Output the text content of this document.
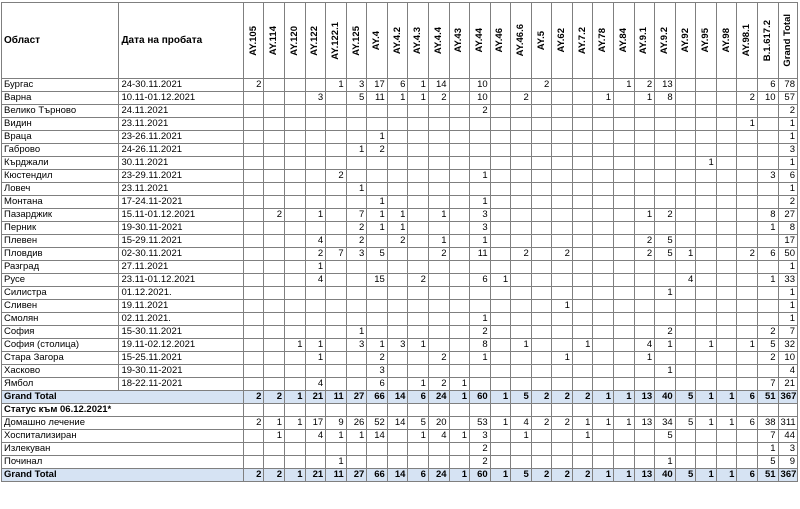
Област	Дата на пробата	AY.105	AY.114	AY.120	AY.122	AY.122.1	AY.125	AY.4	AY.4.2	AY.4.3	AY.4.4	AY.43	AY.44	AY.46	AY.46.6	AY.5	AY.62	AY.7.2	AY.78	AY.84	AY.9.1	AY.9.2	AY.92	AY.95	AY.98	AY.98.1	B.1.617.2	Grand Total

Бургас	24-30.11.2021	2				1	3	17	6	1	14		10			2				1	2	13					6	78
Варна	10.11-01.12.2021				3		5	11	1	1	2		10		2				1		1	8				2	10	57
Велико Търново	24.11.2021												2															2
Видин	23.11.2021																									1		1
Враца	23-26.11.2021							1																				1
Габрово	24-26.11.2021						1	2																				3
Кърджали	30.11.2021																							1				1
Кюстендил	23-29.11.2021					2							1														3	6
Ловеч	23.11.2021						1																					1
Монтана	17-24.11-2021							1					1															2
Пазарджик	15.11-01.12.2021		2		1		7	1	1		1		3								1	2					8	27
Перник	19-30.11-2021						2	1	1				3														1	8
Плевен	15-29.11.2021				4		2		2		1		1								2	5						17
Пловдив	02-30.11.2021				2	7	3	5			2		11		2		2				2	5	1			2	6	50
Разград	27.11.2021				1																							1
Русе	23.11-01.12.2021				4			15		2			6	1									4				1	33
Силистра	01.12.2021.																					1						1
Сливен	19.11.2021																1											1
Смолян	02.11.2021.												1															1
София	15-30.11.2021						1						2									2					2	7
София (столица)	19.11-02.12.2021			1	1		3	1	3	1			8		1			1			4	1		1		1	5	32
Стара Загора	15-25.11.2021				1			2			2		1				1				1						2	10
Хасково	19-30.11-2021							3														1						4
Ямбол	18-22.11-2021				4			6		1	2	1															7	21
Grand Total		2	2	1	21	11	27	66	14	6	24	1	60	1	5	2	2	2	1	1	13	40	5	1	1	6	51	367
Статус към 06.12.2021*																												
Домашно лечение		2	1	1	17	9	26	52	14	5	20		53	1	4	2	2	1	1	1	13	34	5	1	1	6	38	311
Хоспитализиран			1		4	1	1	14		1	4	1	3		1			1				5					7	44
Излекуван													2														1	3
Починал						1							2									1					5	9
Grand Total		2	2	1	21	11	27	66	14	6	24	1	60	1	5	2	2	2	1	1	13	40	5	1	1	6	51	367
